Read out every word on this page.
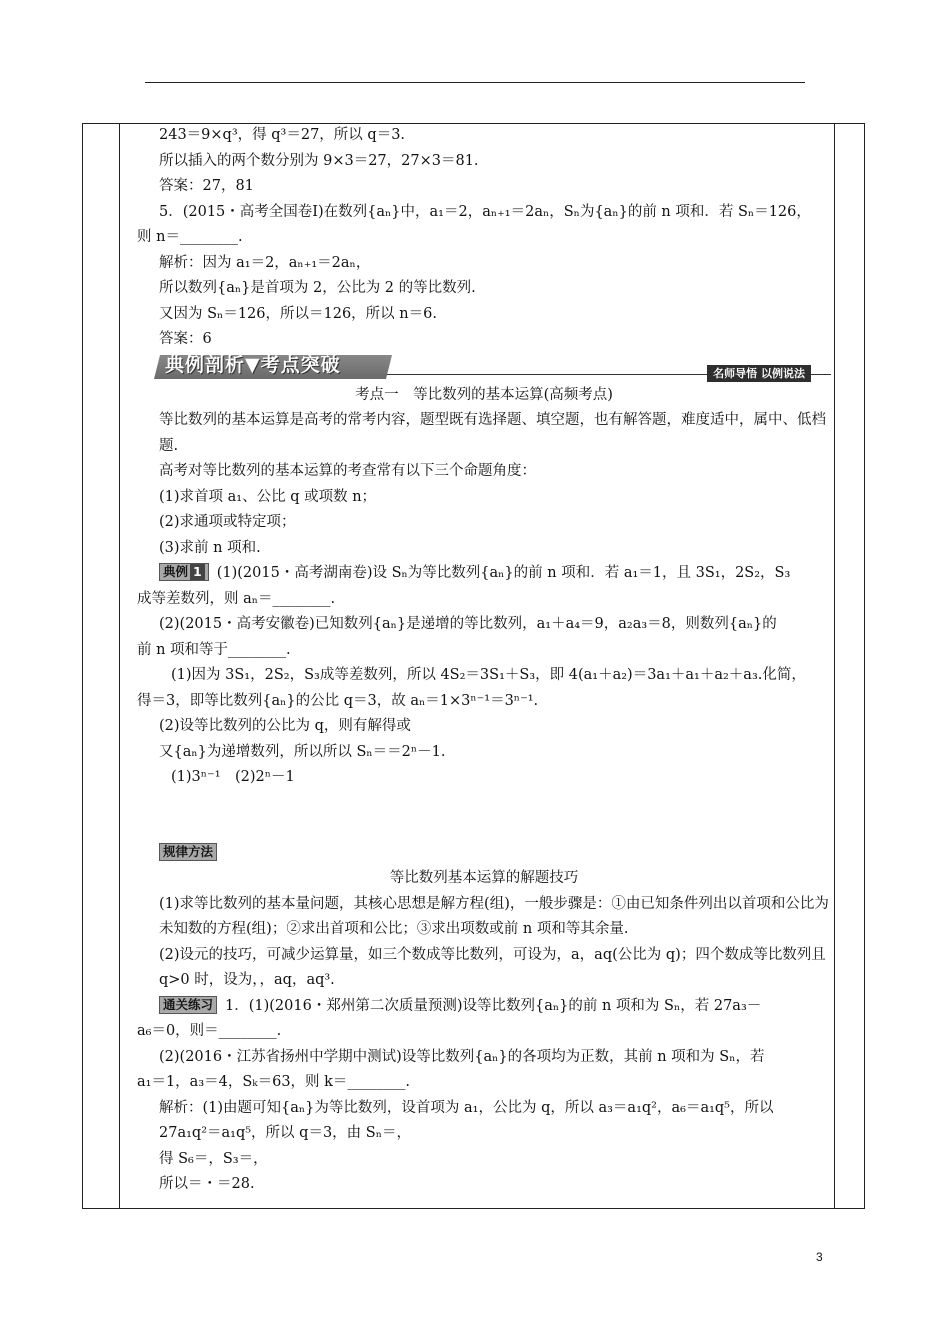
243＝9×q³，得 q³＝27，所以 q＝3.
所以插入的两个数分别为 9×3＝27，27×3＝81.
答案：27，81
5．(2015・高考全国卷Ⅰ)在数列{aₙ}中，a₁＝2，aₙ₊₁＝2aₙ，Sₙ为{aₙ}的前 n 项和．若 Sₙ＝126，
则 n＝________.
解析：因为 a₁＝2，aₙ₊₁＝2aₙ，
所以数列{aₙ}是首项为 2，公比为 2 的等比数列.
又因为 Sₙ＝126，所以＝126，所以 n＝6.
答案：6
典例剖析▼考点突破	名师导悟 以例说法
考点一　等比数列的基本运算(高频考点)
等比数列的基本运算是高考的常考内容，题型既有选择题、填空题，也有解答题，难度适中，属中、低档题.
高考对等比数列的基本运算的考查常有以下三个命题角度：
(1)求首项 a₁、公比 q 或项数 n；
(2)求通项或特定项；
(3)求前 n 项和.
典例 1 (1)(2015・高考湖南卷)设 Sₙ为等比数列{aₙ}的前 n 项和．若 a₁＝1，且 3S₁，2S₂，S₃
成等差数列，则 aₙ＝________.
(2)(2015・高考安徽卷)已知数列{aₙ}是递增的等比数列，a₁＋a₄＝9，a₂a₃＝8，则数列{aₙ}的
前 n 项和等于________.
(1)因为 3S₁，2S₂，S₃成等差数列，所以 4S₂＝3S₁＋S₃，即 4(a₁＋a₂)＝3a₁＋a₁＋a₂＋a₃.化简，
得＝3，即等比数列{aₙ}的公比 q＝3，故 aₙ＝1×3ⁿ⁻¹＝3ⁿ⁻¹.
(2)设等比数列的公比为 q，则有解得或
又{aₙ}为递增数列，所以所以 Sₙ＝＝2ⁿ－1.
(1)3ⁿ⁻¹　(2)2ⁿ－1
规律方法
等比数列基本运算的解题技巧
(1)求等比数列的基本量问题，其核心思想是解方程(组)，一般步骤是：①由已知条件列出以首项和公比为未知数的方程(组)；②求出首项和公比；③求出项数或前 n 项和等其余量.
(2)设元的技巧，可减少运算量，如三个数成等比数列，可设为，a，aq(公比为 q)；四个数成等比数列且 q>0 时，设为，，aq，aq³.
通关练习 1．(1)(2016・郑州第二次质量预测)设等比数列{aₙ}的前 n 项和为 Sₙ，若 27a₃－
a₆＝0，则＝________.
(2)(2016・江苏省扬州中学期中测试)设等比数列{aₙ}的各项均为正数，其前 n 项和为 Sₙ，若
a₁＝1，a₃＝4，Sₖ＝63，则 k＝________.
解析：(1)由题可知{aₙ}为等比数列，设首项为 a₁，公比为 q，所以 a₃＝a₁q²，a₆＝a₁q⁵，所以
27a₁q²＝a₁q⁵，所以 q＝3，由 Sₙ＝，
得 S₆＝，S₃＝，
所以＝・＝28.
3
